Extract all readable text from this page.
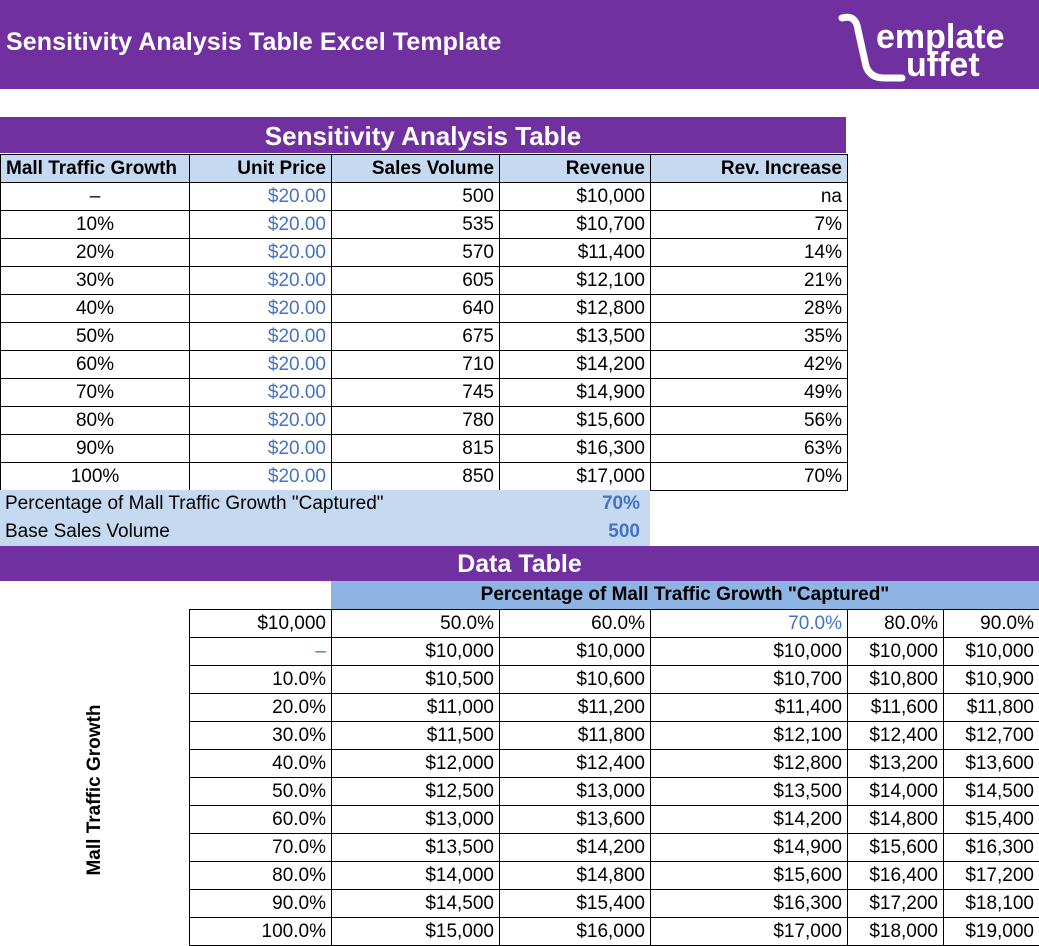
Sensitivity Analysis Table Excel Template	emplate
uffet
Sensitivity Analysis Table
Mall Traffic Growth	Unit Price	Sales Volume	Revenue	Rev. Increase
–	$20.00	500	$10,000	na
10%	$20.00	535	$10,700	7%
20%	$20.00	570	$11,400	14%
30%	$20.00	605	$12,100	21%
40%	$20.00	640	$12,800	28%
50%	$20.00	675	$13,500	35%
60%	$20.00	710	$14,200	42%
70%	$20.00	745	$14,900	49%
80%	$20.00	780	$15,600	56%
90%	$20.00	815	$16,300	63%
100%	$20.00	850	$17,000	70%
Percentage of Mall Traffic Growth "Captured"	70%
Base Sales Volume	500
Data Table
Percentage of Mall Traffic Growth "Captured"
Mall Traffic Growth
$10,000	50.0%	60.0%	70.0%	80.0%	90.0%
–	$10,000	$10,000	$10,000	$10,000	$10,000
10.0%	$10,500	$10,600	$10,700	$10,800	$10,900
20.0%	$11,000	$11,200	$11,400	$11,600	$11,800
30.0%	$11,500	$11,800	$12,100	$12,400	$12,700
40.0%	$12,000	$12,400	$12,800	$13,200	$13,600
50.0%	$12,500	$13,000	$13,500	$14,000	$14,500
60.0%	$13,000	$13,600	$14,200	$14,800	$15,400
70.0%	$13,500	$14,200	$14,900	$15,600	$16,300
80.0%	$14,000	$14,800	$15,600	$16,400	$17,200
90.0%	$14,500	$15,400	$16,300	$17,200	$18,100
100.0%	$15,000	$16,000	$17,000	$18,000	$19,000
